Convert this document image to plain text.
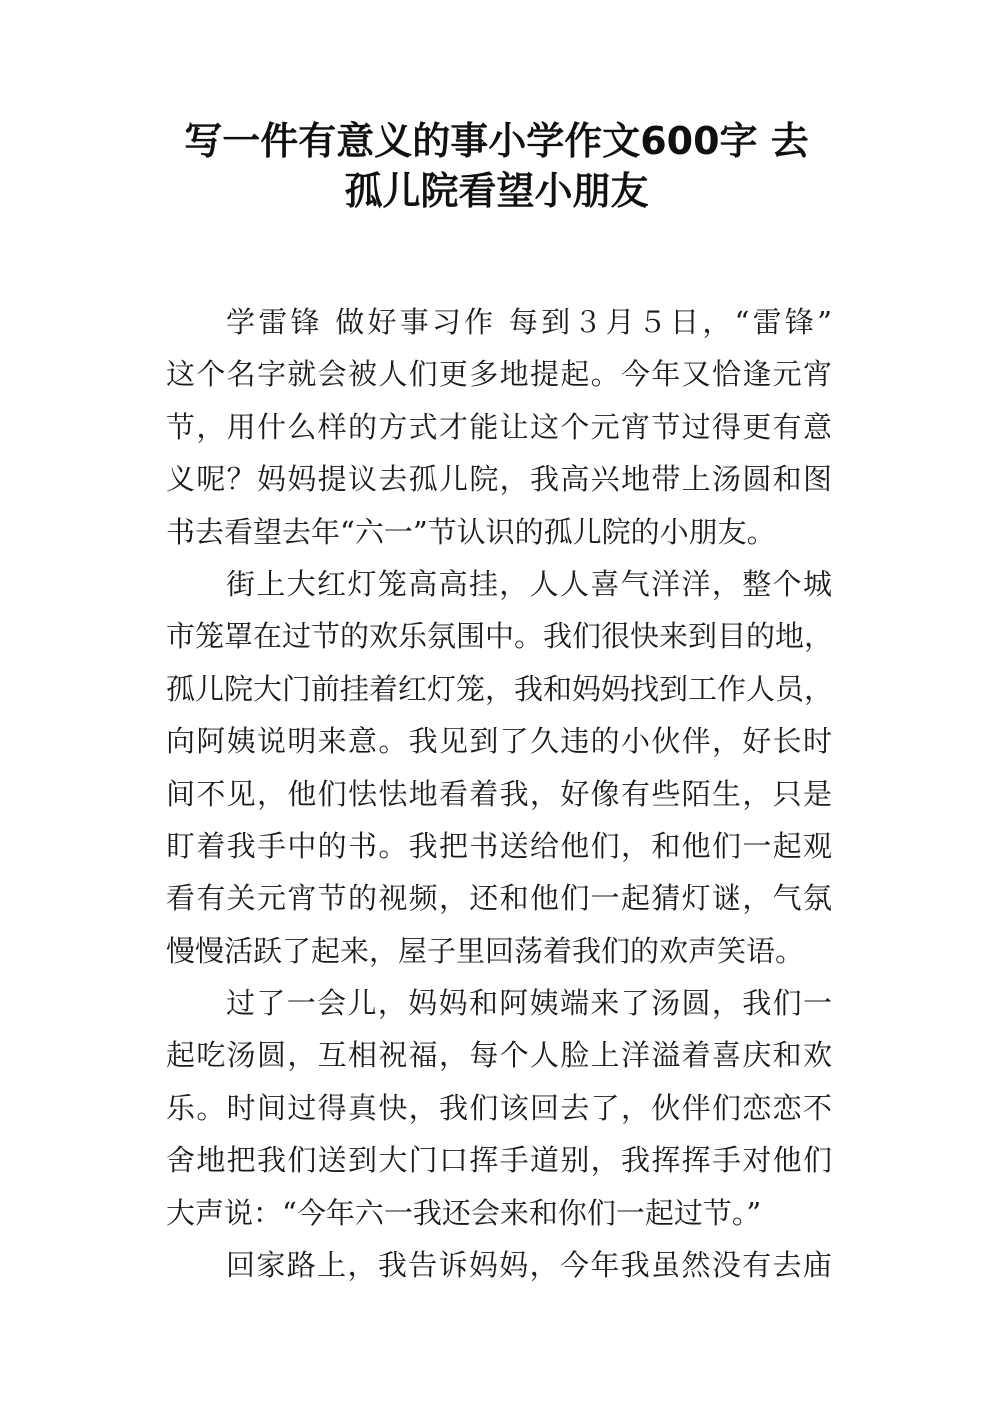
写一件有意义的事小学作文600字 去
孤儿院看望小朋友
学雷锋 做好事习作 每到３月５日，“雷锋”
这个名字就会被人们更多地提起。今年又恰逢元宵
节，用什么样的方式才能让这个元宵节过得更有意
义呢？妈妈提议去孤儿院，我高兴地带上汤圆和图
书去看望去年“六一”节认识的孤儿院的小朋友。
街上大红灯笼高高挂，人人喜气洋洋，整个城
市笼罩在过节的欢乐氛围中。我们很快来到目的地，
孤儿院大门前挂着红灯笼，我和妈妈找到工作人员，
向阿姨说明来意。我见到了久违的小伙伴，好长时
间不见，他们怯怯地看着我，好像有些陌生，只是
盯着我手中的书。我把书送给他们，和他们一起观
看有关元宵节的视频，还和他们一起猜灯谜，气氛
慢慢活跃了起来，屋子里回荡着我们的欢声笑语。
过了一会儿，妈妈和阿姨端来了汤圆，我们一
起吃汤圆，互相祝福，每个人脸上洋溢着喜庆和欢
乐。时间过得真快，我们该回去了，伙伴们恋恋不
舍地把我们送到大门口挥手道别，我挥挥手对他们
大声说：“今年六一我还会来和你们一起过节。”
回家路上，我告诉妈妈，今年我虽然没有去庙
